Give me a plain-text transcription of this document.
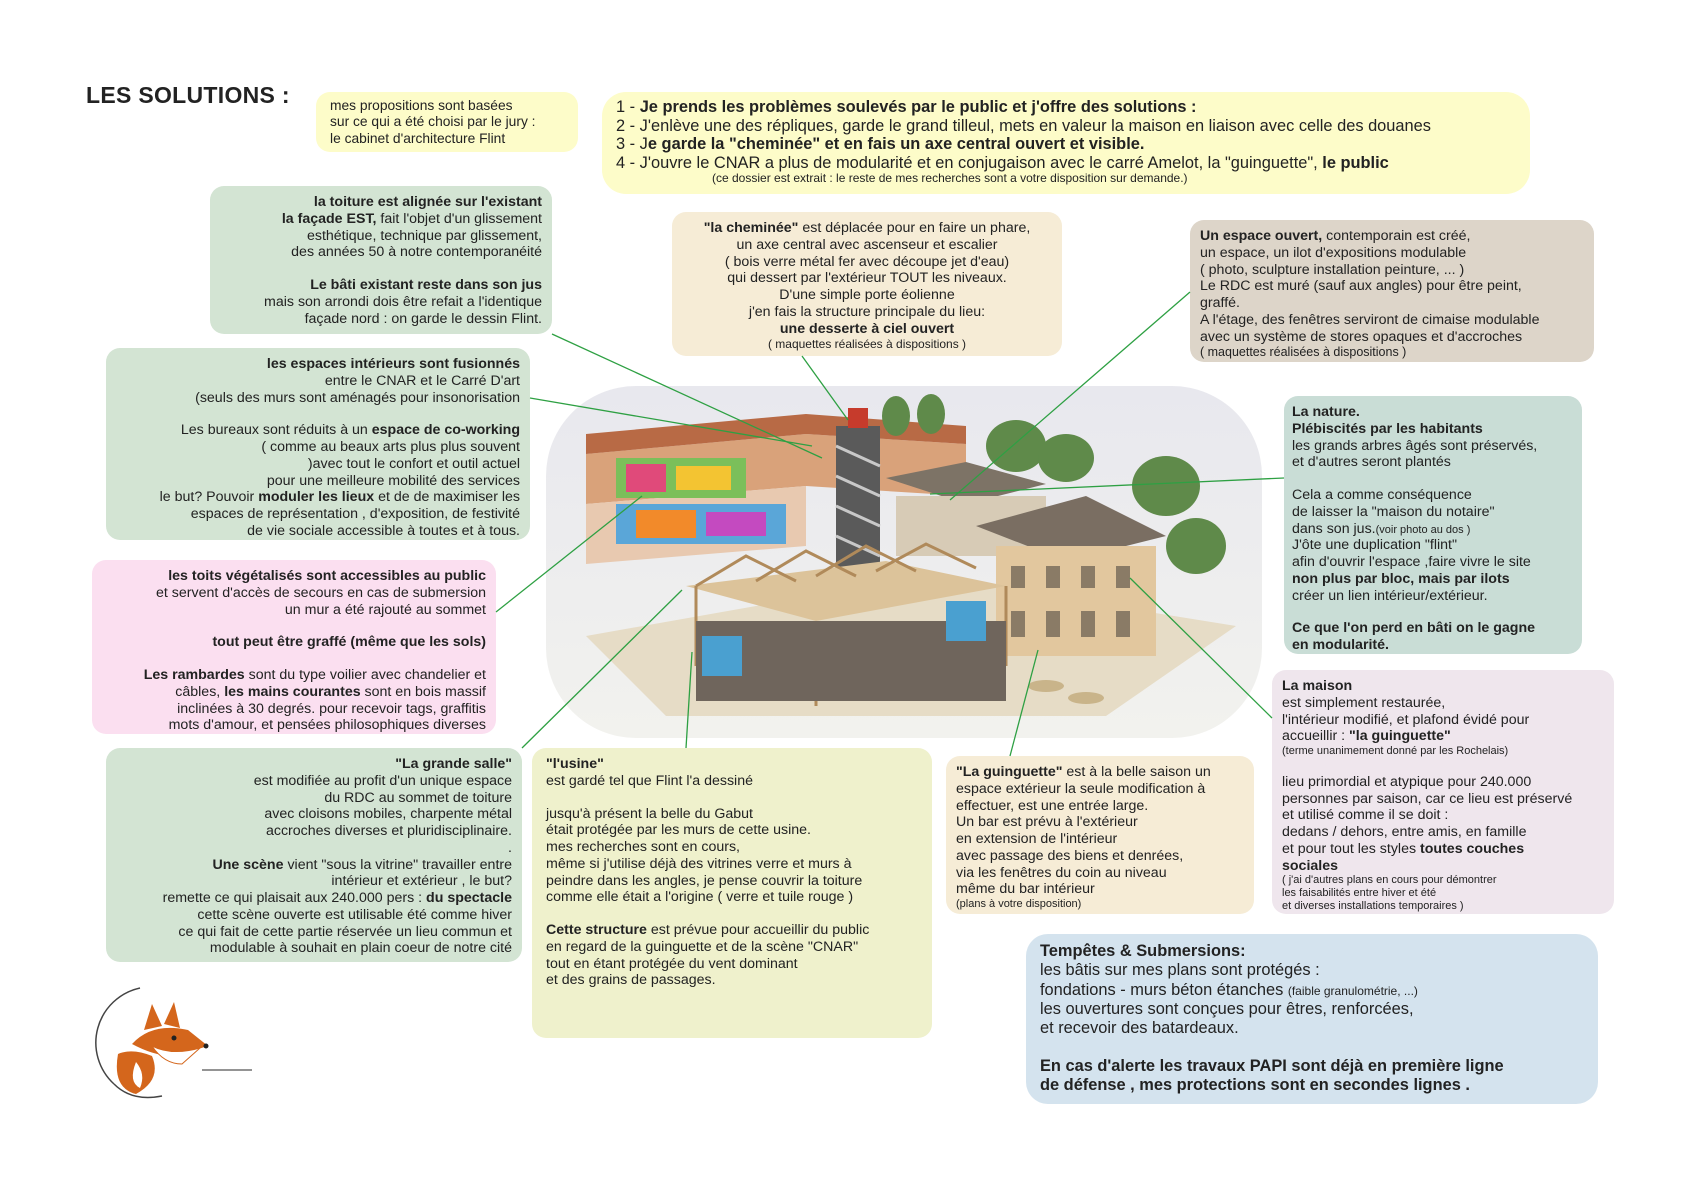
LES SOLUTIONS :	mes propositions sont basées

sur ce qui a été choisi par le jury :

le cabinet d'architecture Flint

1 - Je prends les problèmes soulevés par le public et j'offre des solutions :

2 - J'enlève une des répliques, garde le grand tilleul, mets en valeur la maison en liaison avec celle des douanes

3 - Je garde la "cheminée" et en fais un axe central ouvert et visible.

4 - J'ouvre le CNAR a plus de modularité et en conjugaison avec le carré Amelot, la "guinguette", le public

(ce dossier est extrait : le reste de mes recherches sont a votre disposition sur demande.)

la toiture est alignée sur l'existant

la façade EST, fait l'objet d'un glissement

esthétique, technique par glissement,

des années 50 à notre contemporanéité

Le bâti existant reste dans son jus

mais son arrondi dois être refait a l'identique

façade nord : on garde le dessin Flint.

"la cheminée" est déplacée pour en faire un phare,

un axe central avec ascenseur et escalier

( bois verre métal fer avec découpe jet d'eau)

qui dessert par l'extérieur TOUT les niveaux.

D'une simple porte éolienne

j'en fais la structure principale du lieu:

une desserte à ciel ouvert

( maquettes réalisées à dispositions )

Un espace ouvert, contemporain est créé,

un espace, un ilot d'expositions modulable

( photo, sculpture installation peinture, ... )

Le RDC est muré (sauf aux angles) pour être peint,

graffé.

A l'étage, des fenêtres serviront de cimaise modulable

avec un système de stores opaques et d'accroches

( maquettes réalisées à dispositions )

les espaces intérieurs sont fusionnés

entre le CNAR et le Carré D'art

(seuls des murs sont aménagés pour insonorisation

Les bureaux sont réduits à un espace de co-working

( comme au beaux arts plus plus souvent

)avec tout le confort et outil actuel

pour une meilleure mobilité des services

le but? Pouvoir moduler les lieux et de de maximiser les

espaces de représentation , d'exposition, de festivité

de vie sociale accessible à toutes et à tous.

La nature.

Plébiscités par les habitants

les grands arbres âgés sont préservés,

et d'autres seront plantés

Cela a comme conséquence

de laisser la "maison du notaire"

dans son jus.(voir photo au dos )

J'ôte une duplication "flint"

afin d'ouvrir l'espace ,faire vivre le site

non plus par bloc, mais par ilots

créer un lien intérieur/extérieur.

Ce que l'on perd en bâti on le gagne

en modularité.

les toits végétalisés sont accessibles au public

et servent d'accès de secours en cas de submersion

un mur a été rajouté au sommet

tout peut être graffé (même que les sols)

Les rambardes sont du type voilier avec chandelier et

câbles, les mains courantes sont en bois massif

inclinées à 30 degrés. pour recevoir tags, graffitis

mots d'amour, et pensées philosophiques diverses

La maison

est simplement restaurée,

l'intérieur modifié, et plafond évidé pour

accueillir : "la guinguette"

(terme unanimement donné par les Rochelais)

lieu primordial et atypique pour 240.000

personnes par saison, car ce lieu est préservé

et utilisé comme il se doit :

dedans / dehors, entre amis, en famille

et pour tout les styles toutes couches

sociales

( j'ai d'autres plans en cours pour démontrer

les faisabilités entre hiver et été

et diverses installations temporaires )

"La grande salle"

est modifiée au profit d'un unique espace

du RDC au sommet de toiture

avec cloisons mobiles, charpente métal

accroches diverses et pluridisciplinaire.

.

Une scène vient "sous la vitrine" travailler entre

intérieur et extérieur , le but?

remette ce qui plaisait aux 240.000 pers : du spectacle

cette scène ouverte est utilisable été comme hiver

ce qui fait de cette partie réservée un lieu commun et

modulable à souhait en plain coeur de notre cité

"l'usine"

est gardé tel que Flint l'a dessiné

jusqu'à présent la belle du Gabut

était protégée par les murs de cette usine.

mes recherches sont en cours,

même si j'utilise déjà des vitrines verre et murs à

peindre dans les angles, je pense couvrir la toiture

comme elle était a l'origine ( verre et tuile rouge )

Cette structure est prévue pour accueillir du public

en regard de la guinguette et de la scène "CNAR"

tout en étant protégée du vent dominant

et des grains de passages.

"La guinguette" est à la belle saison un

espace extérieur la seule modification à

effectuer, est une entrée large.

Un bar est prévu à l'extérieur

en extension de l'intérieur

avec passage des biens et denrées,

via les fenêtres du coin au niveau

même du bar intérieur

(plans à votre disposition)

Tempêtes & Submersions:

les bâtis sur mes plans sont protégés :

fondations - murs béton étanches (faible granulométrie, ...)

les ouvertures sont conçues pour êtres, renforcées,

et recevoir des batardeaux.

En cas d'alerte les travaux PAPI sont déjà en première ligne

de défense , mes protections sont en secondes lignes .
